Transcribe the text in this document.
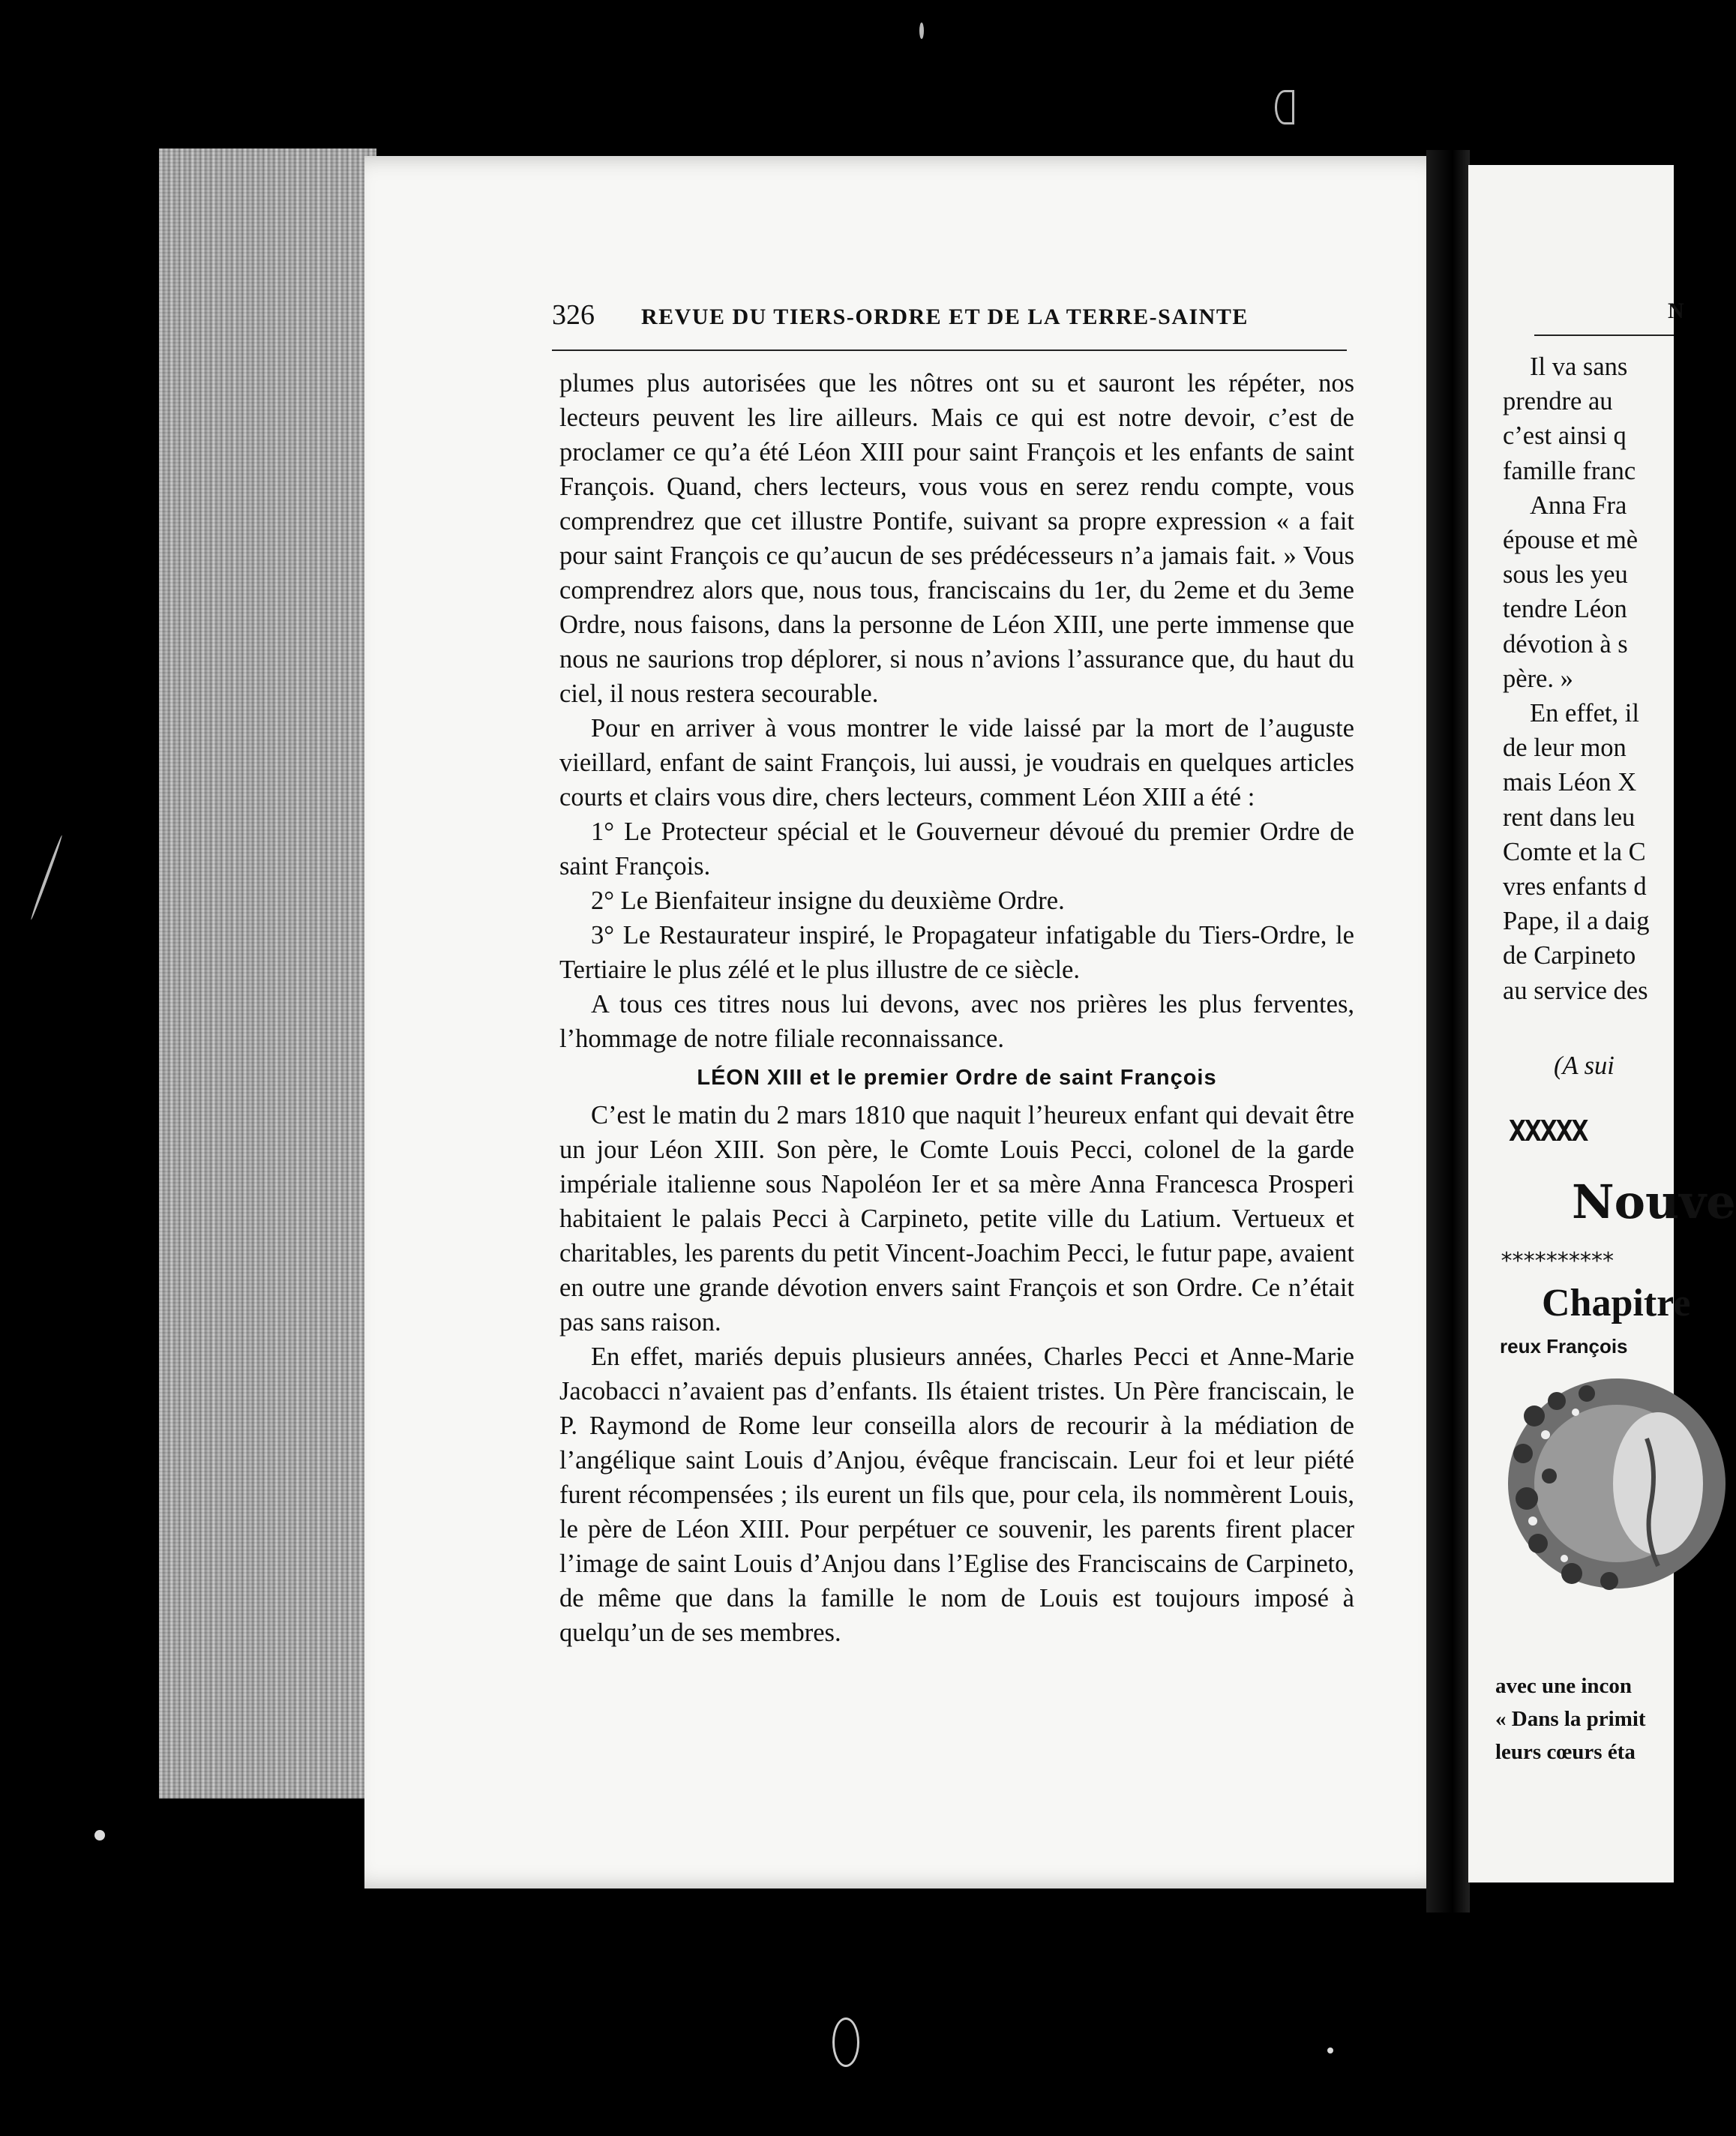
326 REVUE DU TIERS-ORDRE ET DE LA TERRE-SAINTE

plumes plus autorisées que les nôtres ont su et sauront les répéter, nos lecteurs peuvent les lire ailleurs. Mais ce qui est notre devoir, c’est de proclamer ce qu’a été Léon XIII pour saint François et les enfants de saint François. Quand, chers lecteurs, vous vous en serez rendu compte, vous comprendrez que cet illustre Pontife, suivant sa propre expression « a fait pour saint François ce qu’aucun de ses prédécesseurs n’a jamais fait. » Vous comprendrez alors que, nous tous, franciscains du 1er, du 2eme et du 3eme Ordre, nous faisons, dans la personne de Léon XIII, une perte immense que nous ne saurions trop déplorer, si nous n’avions l’assurance que, du haut du ciel, il nous restera secourable.

Pour en arriver à vous montrer le vide laissé par la mort de l’auguste vieillard, enfant de saint François, lui aussi, je voudrais en quelques articles courts et clairs vous dire, chers lecteurs, comment Léon XIII a été :

1° Le Protecteur spécial et le Gouverneur dévoué du premier Ordre de saint François.

2° Le Bienfaiteur insigne du deuxième Ordre.

3° Le Restaurateur inspiré, le Propagateur infatigable du Tiers-Ordre, le Tertiaire le plus zélé et le plus illustre de ce siècle.

A tous ces titres nous lui devons, avec nos prières les plus ferventes, l’hommage de notre filiale reconnaissance.

LÉON XIII et le premier Ordre de saint François

C’est le matin du 2 mars 1810 que naquit l’heureux enfant qui devait être un jour Léon XIII. Son père, le Comte Louis Pecci, colonel de la garde impériale italienne sous Napoléon Ier et sa mère Anna Francesca Prosperi habitaient le palais Pecci à Carpineto, petite ville du Latium. Vertueux et charitables, les parents du petit Vincent-Joachim Pecci, le futur pape, avaient en outre une grande dévotion envers saint François et son Ordre. Ce n’était pas sans raison.

En effet, mariés depuis plusieurs années, Charles Pecci et Anne-Marie Jacobacci n’avaient pas d’enfants. Ils étaient tristes. Un Père franciscain, le P. Raymond de Rome leur conseilla alors de recourir à la médiation de l’angélique saint Louis d’Anjou, évêque franciscain. Leur foi et leur piété furent récompensées ; ils eurent un fils que, pour cela, ils nommèrent Louis, le père de Léon XIII. Pour perpétuer ce souvenir, les parents firent placer l’image de saint Louis d’Anjou dans l’Eglise des Franciscains de Carpineto, de même que dans la famille le nom de Louis est toujours imposé à quelqu’un de ses membres.

N
Il va sans
prendre au
c’est ainsi q
famille franc
Anna Fra
épouse et mè
sous les yeu
tendre Léon
dévotion à s
père. »
En effet, il
de leur mon
mais Léon X
rent dans leu
Comte et la C
vres enfants d
Pape, il a daig
de Carpineto
au service des
(A sui
XXXXX
Nouve
**********
Chapitre
reux François
avec une incon
« Dans la primit
leurs cœurs éta
